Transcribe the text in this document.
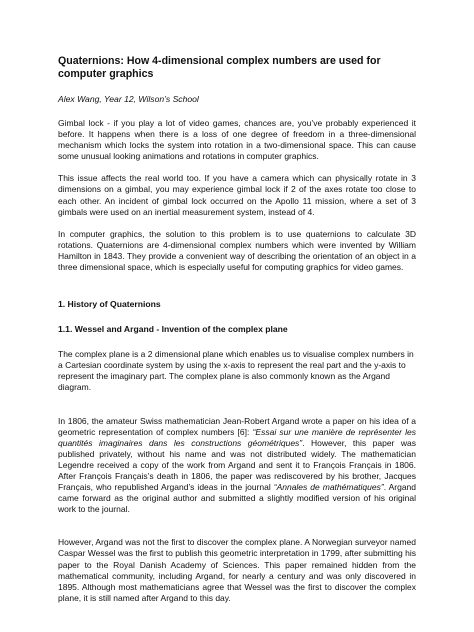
Quaternions: How 4-dimensional complex numbers are used for computer graphics
Alex Wang, Year 12, Wilson’s School

Gimbal lock - if you play a lot of video games, chances are, you’ve probably experienced it before. It happens when there is a loss of one degree of freedom in a three-dimensional mechanism which locks the system into rotation in a two-dimensional space. This can cause some unusual looking animations and rotations in computer graphics.

This issue affects the real world too. If you have a camera which can physically rotate in 3 dimensions on a gimbal, you may experience gimbal lock if 2 of the axes rotate too close to each other. An incident of gimbal lock occurred on the Apollo 11 mission, where a set of 3 gimbals were used on an inertial measurement system, instead of 4.

In computer graphics, the solution to this problem is to use quaternions to calculate 3D rotations. Quaternions are 4-dimensional complex numbers which were invented by William Hamilton in 1843. They provide a convenient way of describing the orientation of an object in a three dimensional space, which is especially useful for computing graphics for video games.

1. History of Quaternions
1.1. Wessel and Argand - Invention of the complex plane

The complex plane is a 2 dimensional plane which enables us to visualise complex numbers in a Cartesian coordinate system by using the x-axis to represent the real part and the y-axis to represent the imaginary part. The complex plane is also commonly known as the Argand diagram.

In 1806, the amateur Swiss mathematician Jean-Robert Argand wrote a paper on his idea of a geometric representation of complex numbers [6]: “Essai sur une manière de représenter les quantités imaginaires dans les constructions géométriques”. However, this paper was published privately, without his name and was not distributed widely. The mathematician Legendre received a copy of the work from Argand and sent it to François Français in 1806. After François Français’s death in 1806, the paper was rediscovered by his brother, Jacques Français, who republished Argand’s ideas in the journal “Annales de mathématiques”. Argand came forward as the original author and submitted a slightly modified version of his original work to the journal.

However, Argand was not the first to discover the complex plane. A Norwegian surveyor named Caspar Wessel was the first to publish this geometric interpretation in 1799, after submitting his paper to the Royal Danish Academy of Sciences. This paper remained hidden from the mathematical community, including Argand, for nearly a century and was only discovered in 1895. Although most mathematicians agree that Wessel was the first to discover the complex plane, it is still named after Argand to this day.
